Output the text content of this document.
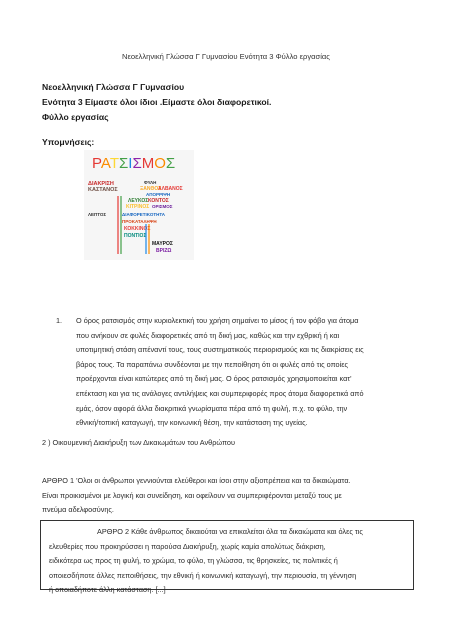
Νεοελληνική Γλώσσα Γ Γυμνασίου Ενότητα 3 Φύλλο εργασίας
Νεοελληνική Γλώσσα Γ Γυμνασίου
Ενότητα 3 Είμαστε όλοι ίδιοι .Είμαστε όλοι διαφορετικοί.
Φύλλο εργασίας
Υπομνήσεις:
ΡΑΤΣΙΣΜΟΣ
ΔΙΑΚΡΙΣΗ
ΚΑΣΤΑΝΟΣ
ΦΥΛΗ
ΞΑΝΘΟΣ
ΑΛΒΑΝΟΣ
ΑΠΟΡΡΙΨΗ
ΛΕΥΚΟΣ ΚΟΝΤΟΣ
ΚΙΤΡΙΝΟΣ ΟΡΙΣΜΟΣ
ΛΕΠΤΟΣ	ΔΙΑΦΟΡΕΤΙΚΟΤΗΤΑ
ΠΡΟΚΑΤΑΛΗΨΗ
ΚΟΚΚΙΝΟΣ
ΠΟΝΤΙΟΣ
ΜΑΥΡΟΣ
ΒΡΙΖΩ
1.	Ο όρος ρατσισμός στην κυριολεκτική του χρήση σημαίνει το μίσος ή τον φόβο για άτομα
που ανήκουν σε φυλές διαφορετικές από τη δική μας, καθώς και την εχθρική ή και
υποτιμητική στάση απέναντί τους, τους συστηματικούς περιορισμούς και τις διακρίσεις εις
βάρος τους. Τα παραπάνω συνδέονται με την πεποίθηση ότι οι φυλές από τις οποίες
προέρχονται είναι κατώτερες από τη δική μας. Ο όρος ρατσισμός χρησιμοποιείται κατ'
επέκταση και για τις ανάλογες αντιλήψεις και συμπεριφορές προς άτομα διαφορετικά από
εμάς, όσον αφορά άλλα διακριτικά γνωρίσματα πέρα από τη φυλή, π.χ. το φύλο, την
εθνική/τοπική καταγωγή, την κοινωνική θέση, την κατάσταση της υγείας.
2 ) Οικουμενική Διακήρυξη των Δικαιωμάτων του Ανθρώπου
ΑΡΘΡΟ 1 'Ολοι οι άνθρωποι γεννιούνται ελεύθεροι και ίσοι στην αξιοπρέπεια και τα δικαιώματα.
Είναι προικισμένοι με λογική και συνείδηση, και οφείλουν να συμπεριφέρονται μεταξύ τους με
πνεύμα αδελφοσύνης.
ΑΡΘΡΟ 2 Κάθε άνθρωπος δικαιούται να επικαλείται όλα τα δικαιώματα και όλες τις
ελευθερίες που προκηρύσσει η παρούσα Διακήρυξη, χωρίς καμία απολύτως διάκριση,
ειδικότερα ως προς τη φυλή, το χρώμα, το φύλο, τη γλώσσα, τις θρησκείες, τις πολιτικές ή
οποιεσδήποτε άλλες πεποιθήσεις, την εθνική ή κοινωνική καταγωγή, την περιουσία, τη γέννηση
ή οποιαδήποτε άλλη κατάσταση. [...]
